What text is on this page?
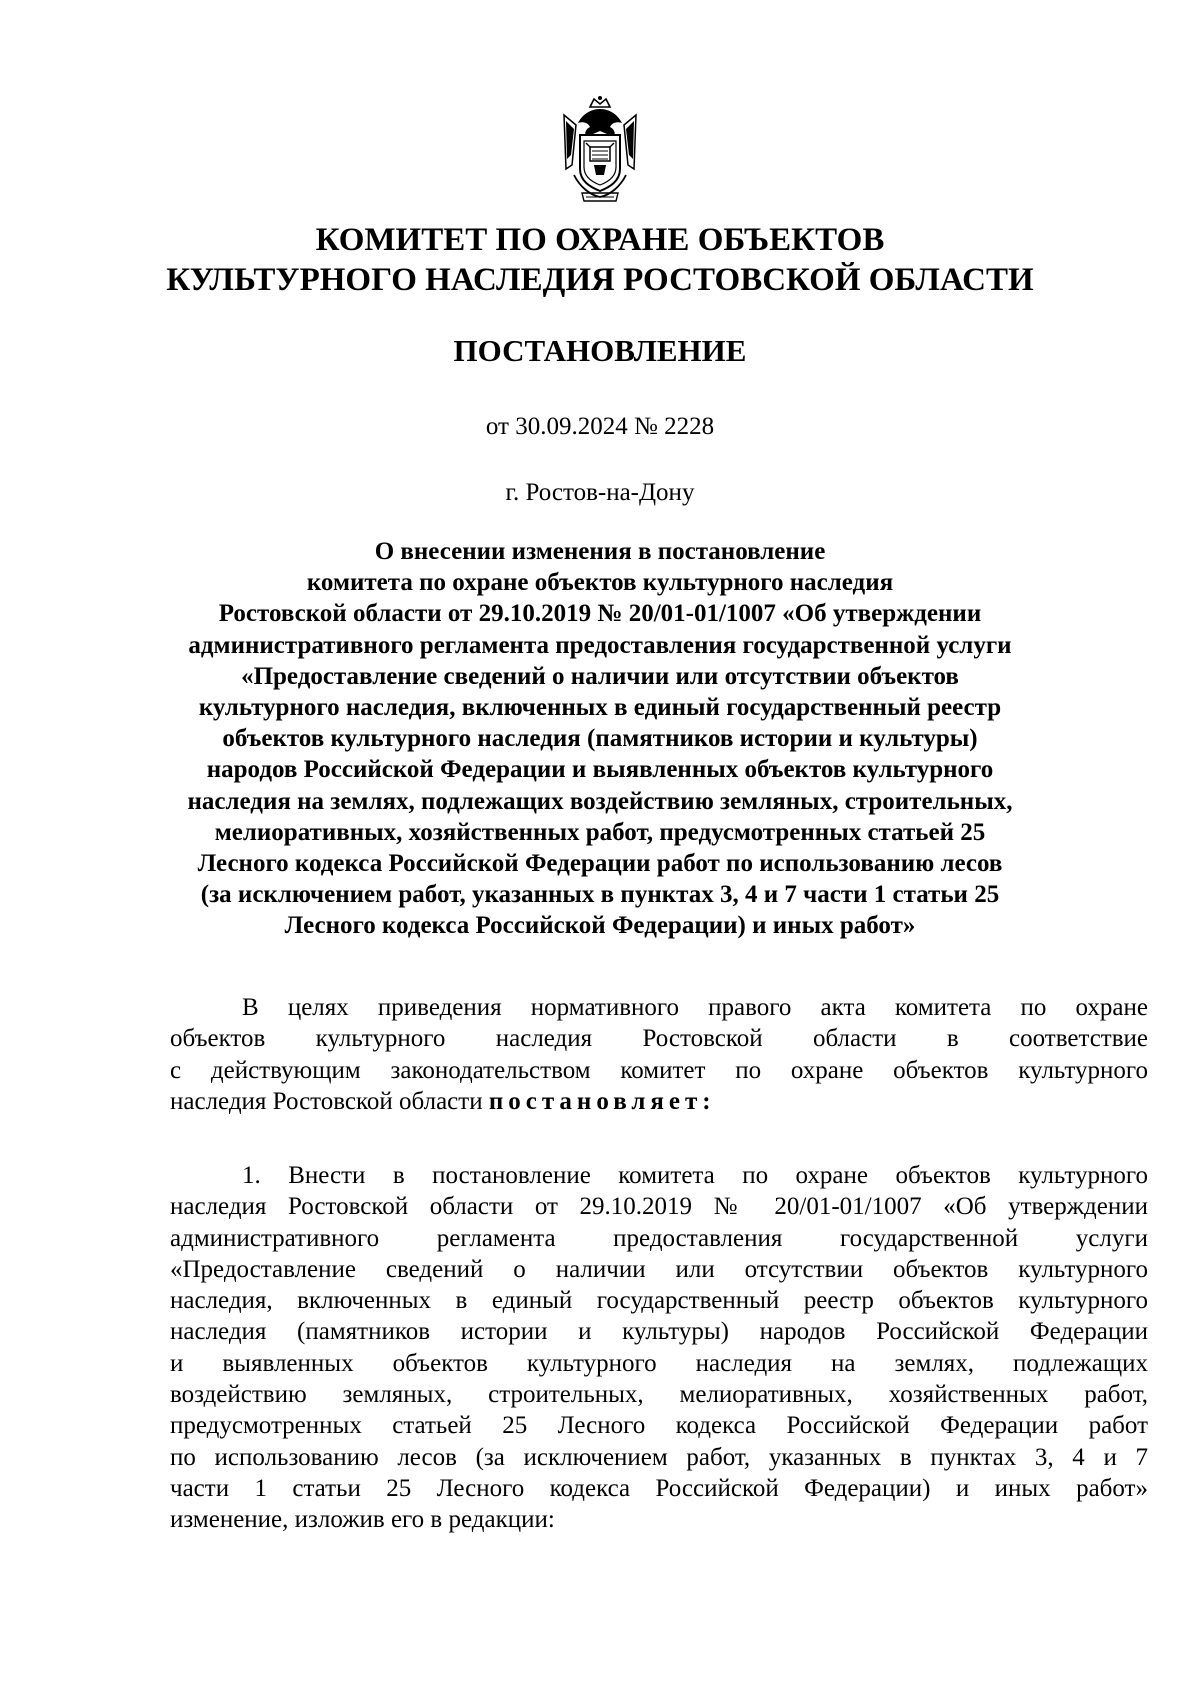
КОМИТЕТ ПО ОХРАНЕ ОБЪЕКТОВ
КУЛЬТУРНОГО НАСЛЕДИЯ РОСТОВСКОЙ ОБЛАСТИ
ПОСТАНОВЛЕНИЕ
от 30.09.2024 № 2228
г. Ростов-на-Дону
О внесении изменения в постановление
комитета по охране объектов культурного наследия
Ростовской области от 29.10.2019 № 20/01-01/1007 «Об утверждении
административного регламента предоставления государственной услуги
«Предоставление сведений о наличии или отсутствии объектов
культурного наследия, включенных в единый государственный реестр
объектов культурного наследия (памятников истории и культуры)
народов Российской Федерации и выявленных объектов культурного
наследия на землях, подлежащих воздействию земляных, строительных,
мелиоративных, хозяйственных работ, предусмотренных статьей 25
Лесного кодекса Российской Федерации работ по использованию лесов
(за исключением работ, указанных в пунктах 3, 4 и 7 части 1 статьи 25
Лесного кодекса Российской Федерации) и иных работ»
В целях приведения нормативного правого акта комитета по охране
объектов культурного наследия Ростовской области в соответствие
с действующим законодательством комитет по охране объектов культурного
наследия Ростовской области постановляет:
1. Внести в постановление комитета по охране объектов культурного
наследия Ростовской области от 29.10.2019 № 20/01-01/1007 «Об утверждении
административного регламента предоставления государственной услуги
«Предоставление сведений о наличии или отсутствии объектов культурного
наследия, включенных в единый государственный реестр объектов культурного
наследия (памятников истории и культуры) народов Российской Федерации
и выявленных объектов культурного наследия на землях, подлежащих
воздействию земляных, строительных, мелиоративных, хозяйственных работ,
предусмотренных статьей 25 Лесного кодекса Российской Федерации работ
по использованию лесов (за исключением работ, указанных в пунктах 3, 4 и 7
части 1 статьи 25 Лесного кодекса Российской Федерации) и иных работ»
изменение, изложив его в редакции:
